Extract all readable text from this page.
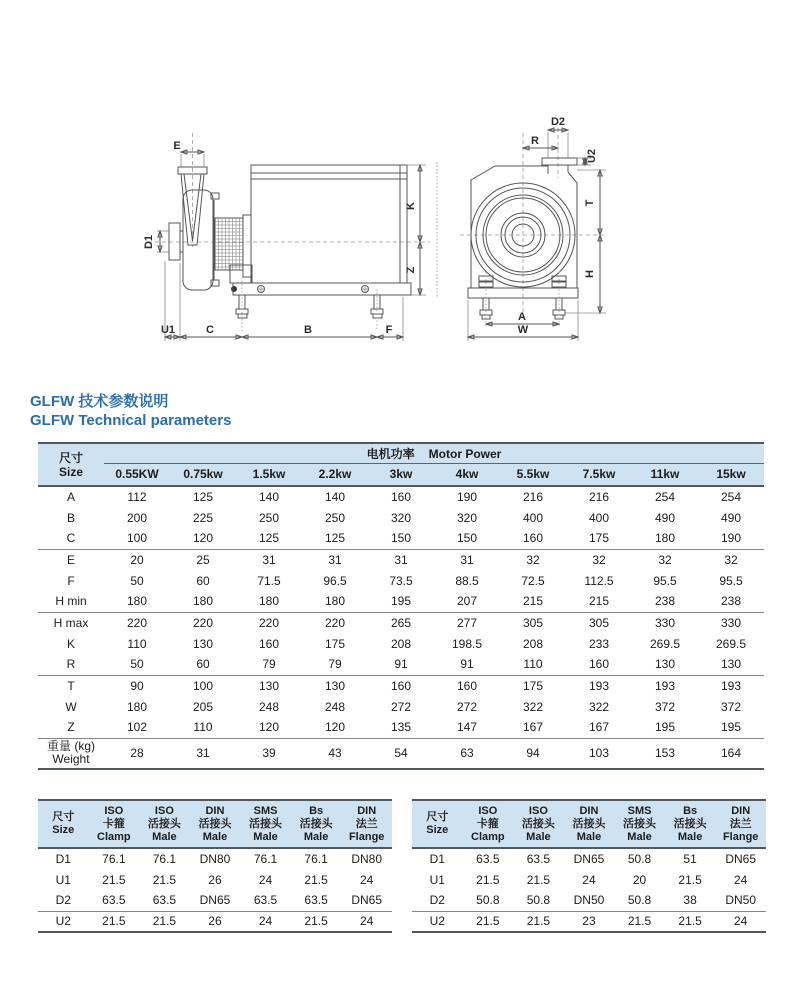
E
D1
U1	C	B	F
K
Z
D2
R
U2
T
H
A
W
GLFW 技术参数说明
GLFW Technical parameters
尺寸
Size	电机功率 Motor Power									
	0.55KW	0.75kw	1.5kw	2.2kw	3kw	4kw	5.5kw	7.5kw	11kw	15kw
A	112	125	140	140	160	190	216	216	254	254
B	200	225	250	250	320	320	400	400	490	490
C	100	120	125	125	150	150	160	175	180	190
E	20	25	31	31	31	31	32	32	32	32
F	50	60	71.5	96.5	73.5	88.5	72.5	112.5	95.5	95.5
H min	180	180	180	180	195	207	215	215	238	238
H max	220	220	220	220	265	277	305	305	330	330
K	110	130	160	175	208	198.5	208	233	269.5	269.5
R	50	60	79	79	91	91	110	160	130	130
T	90	100	130	130	160	160	175	193	193	193
W	180	205	248	248	272	272	322	322	372	372
Z	102	110	120	120	135	147	167	167	195	195

重量 (kg)
Weight	28	31	39	43	54	63	94	103	153	164
尺寸
Size

ISO
卡箍
Clamp

ISO
活接头
Male

DIN
活接头
Male

SMS
活接头
Male

Bs
活接头
Male

DIN
法兰
Flange

D1	76.1	76.1	DN80	76.1	76.1	DN80
U1	21.5	21.5	26	24	21.5	24
D2	63.5	63.5	DN65	63.5	63.5	DN65
U2	21.5	21.5	26	24	21.5	24
尺寸
Size

ISO
卡箍
Clamp

ISO
活接头
Male

DIN
活接头
Male

SMS
活接头
Male

Bs
活接头
Male

DIN
法兰
Flange

D1	63.5	63.5	DN65	50.8	51	DN65
U1	21.5	21.5	24	20	21.5	24
D2	50.8	50.8	DN50	50.8	38	DN50
U2	21.5	21.5	23	21.5	21.5	24
